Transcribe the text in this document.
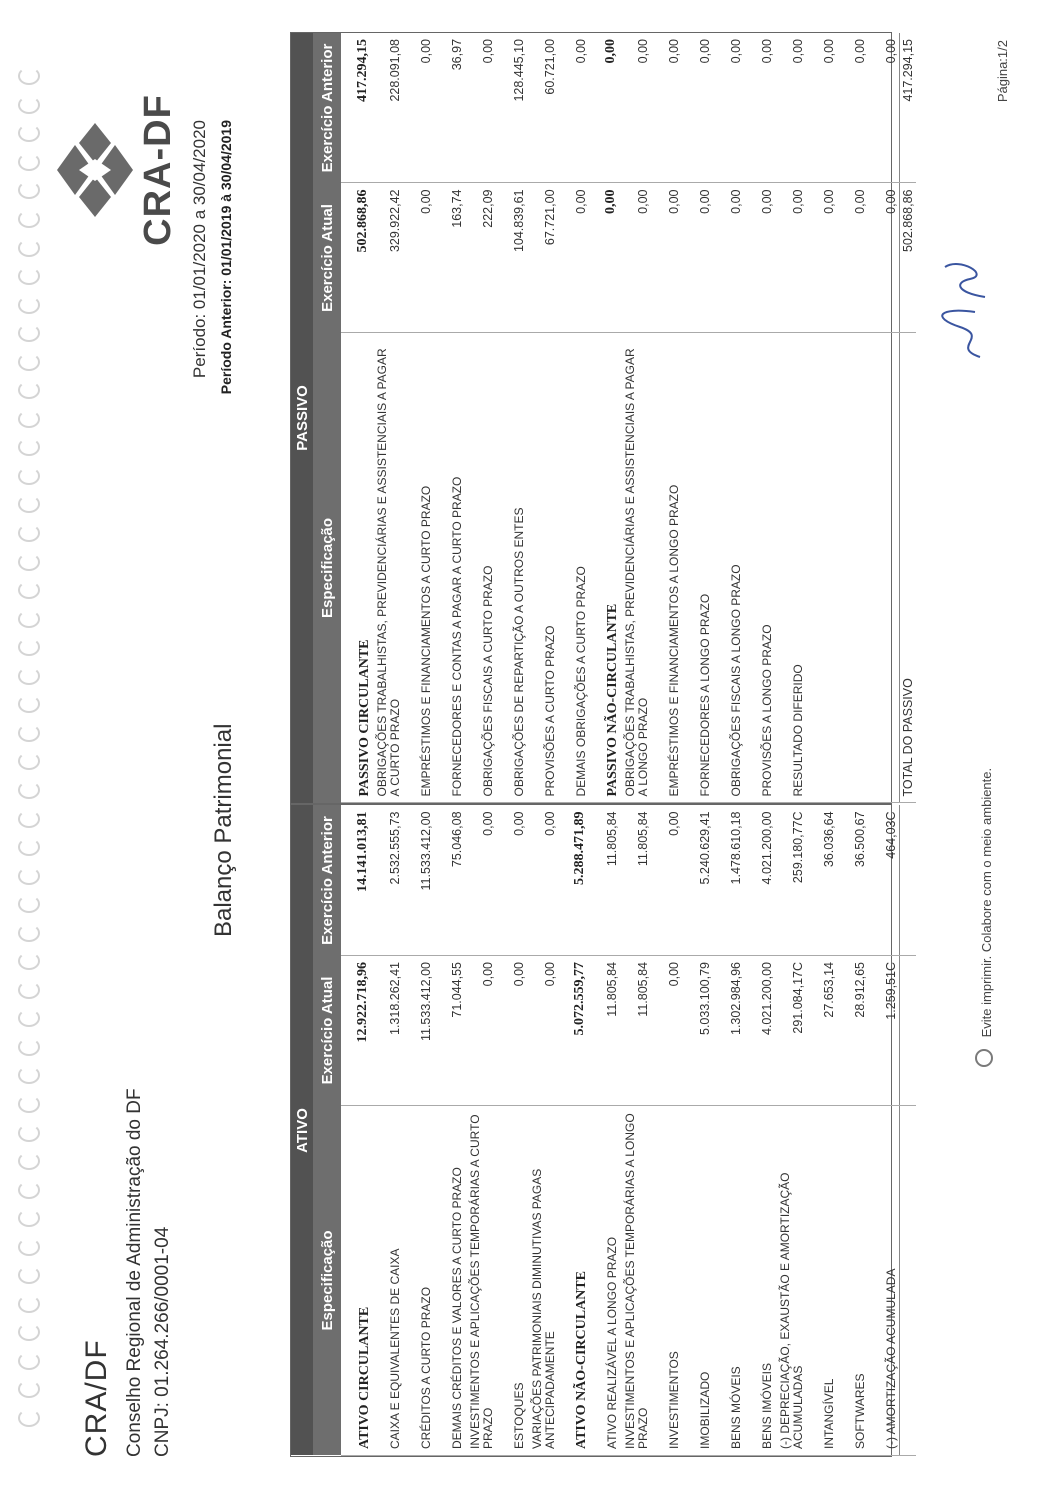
CRA/DF Conselho Regional de Administração do DF CNPJ: 01.264.266/0001-04
CRA-DF
Balanço Patrimonial
Período: 01/01/2020 a 30/04/2020 Período Anterior: 01/01/2019 à 30/04/2019
ATIVO		
Especificação	Exercício Atual	Exercício Anterior
ATIVO CIRCULANTE	12.922.718,96	14.141.013,81
CAIXA E EQUIVALENTES DE CAIXA	1.318.262,41	2.532.555,73
CRÉDITOS A CURTO PRAZO	11.533.412,00	11.533.412,00
DEMAIS CRÉDITOS E VALORES A CURTO PRAZO	71.044,55	75.046,08
INVESTIMENTOS E APLICAÇÕES TEMPORÁRIAS A CURTO PRAZO	0,00	0,00
ESTOQUES	0,00	0,00
VARIAÇÕES PATRIMONIAIS DIMINUTIVAS PAGAS ANTECIPADAMENTE	0,00	0,00
ATIVO NÃO-CIRCULANTE	5.072.559,77	5.288.471,89
ATIVO REALIZÁVEL A LONGO PRAZO	11.805,84	11.805,84
INVESTIMENTOS E APLICAÇÕES TEMPORÁRIAS A LONGO PRAZO	11.805,84	11.805,84
INVESTIMENTOS	0,00	0,00
IMOBILIZADO	5.033.100,79	5.240.629,41
BENS MÓVEIS	1.302.984,96	1.478.610,18
BENS IMÓVEIS	4.021.200,00	4.021.200,00
(-) DEPRECIAÇÃO, EXAUSTÃO E AMORTIZAÇÃO ACUMULADAS	291.084,17C	259.180,77C
INTANGÍVEL	27.653,14	36.036,64
SOFTWARES	28.912,65	36.500,67
(-) AMORTIZAÇÃO ACUMULADA	1.259,51C	464,03C

PASSIVO		
Especificação	Exercício Atual	Exercício Anterior
PASSIVO CIRCULANTE	502.868,86	417.294,15
OBRIGAÇÕES TRABALHISTAS, PREVIDENCIÁRIAS E ASSISTENCIAIS A PAGAR A CURTO PRAZO	329.922,42	228.091,08
EMPRÉSTIMOS E FINANCIAMENTOS A CURTO PRAZO	0,00	0,00
FORNECEDORES E CONTAS A PAGAR A CURTO PRAZO	163,74	36,97
OBRIGAÇÕES FISCAIS A CURTO PRAZO	222,09	0,00
OBRIGAÇÕES DE REPARTIÇÃO A OUTROS ENTES	104.839,61	128.445,10
PROVISÕES A CURTO PRAZO	67.721,00	60.721,00
DEMAIS OBRIGAÇÕES A CURTO PRAZO	0,00	0,00
PASSIVO NÃO-CIRCULANTE	0,00	0,00
OBRIGAÇÕES TRABALHISTAS, PREVIDENCIÁRIAS E ASSISTENCIAIS A PAGAR A LONGO PRAZO	0,00	0,00
EMPRÉSTIMOS E FINANCIAMENTOS A LONGO PRAZO	0,00	0,00
FORNECEDORES A LONGO PRAZO	0,00	0,00
OBRIGAÇÕES FISCAIS A LONGO PRAZO	0,00	0,00
PROVISÕES A LONGO PRAZO	0,00	0,00
RESULTADO DIFERIDO	0,00	0,00
	0,00	0,00
	0,00	0,00
	0,00	0,00
TOTAL DO PASSIVO	502.868,86	417.294,15
Evite imprimir. Colabore com o meio ambiente.
Página:1/2
